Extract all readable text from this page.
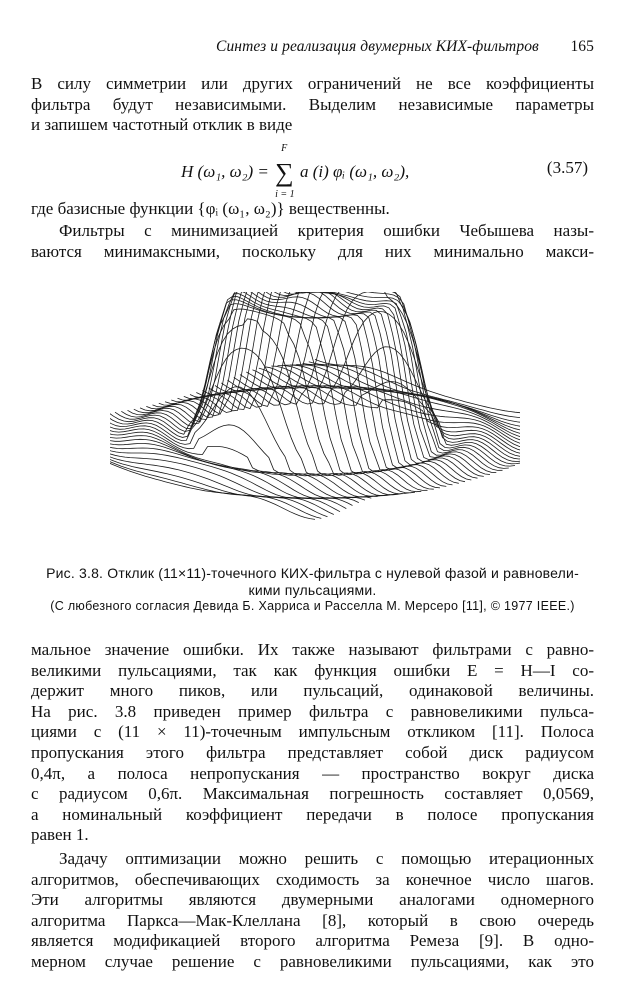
Синтез и реализация двумерных КИХ-фильтров 165
В силу симметрии или других ограничений не все коэффициенты
фильтра будут независимыми. Выделим независимые параметры
и запишем частотный отклик в виде
H (ω₁, ω₂) = ∑
F
i = 1
a (i) φᵢ (ω₁, ω₂),	(3.57)
где базисные функции {φᵢ (ω₁, ω₂)} вещественны.
Фильтры с минимизацией критерия ошибки Чебышева назы-
ваются минимаксными, поскольку для них минимально макси-
Рис. 3.8. Отклик (11×11)-точечного КИХ-фильтра с нулевой фазой и равновели-кими пульсациями.
(С любезного согласия Девида Б. Харриса и Расселла М. Мерсеро [11], © 1977 IEEE.)
мальное значение ошибки. Их также называют фильтрами с равно-
великими пульсациями, так как функция ошибки E = H—I со-
держит много пиков, или пульсаций, одинаковой величины.
На рис. 3.8 приведен пример фильтра с равновеликими пульса-
циями с (11 × 11)-точечным импульсным откликом [11]. Полоса
пропускания этого фильтра представляет собой диск радиусом
0,4π, а полоса непропускания — пространство вокруг диска
с радиусом 0,6π. Максимальная погрешность составляет 0,0569,
а номинальный коэффициент передачи в полосе пропускания
равен 1.
Задачу оптимизации можно решить с помощью итерационных
алгоритмов, обеспечивающих сходимость за конечное число шагов.
Эти алгоритмы являются двумерными аналогами одномерного
алгоритма Паркса—Мак-Клеллана [8], который в свою очередь
является модификацией второго алгоритма Ремеза [9]. В одно-
мерном случае решение с равновеликими пульсациями, как это
